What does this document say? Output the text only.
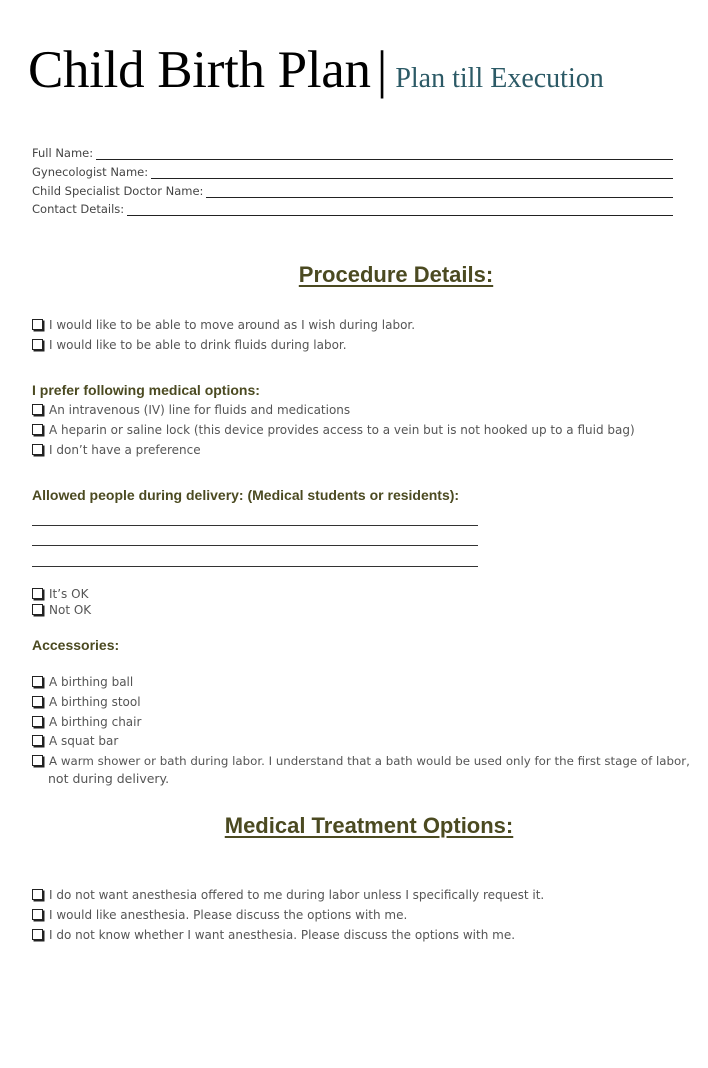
Child Birth Plan | Plan till Execution
Full Name:
Gynecologist Name:
Child Specialist Doctor Name:
Contact Details:
Procedure Details:
I would like to be able to move around as I wish during labor.
I would like to be able to drink fluids during labor.
I prefer following medical options:
An intravenous (IV) line for fluids and medications
A heparin or saline lock (this device provides access to a vein but is not hooked up to a fluid bag)
I don’t have a preference
Allowed people during delivery: (Medical students or residents):
It’s OK
Not OK
Accessories:
A birthing ball
A birthing stool
A birthing chair
A squat bar
A warm shower or bath during labor. I understand that a bath would be used only for the first stage of labor,
not during delivery.
Medical Treatment Options:
I do not want anesthesia offered to me during labor unless I specifically request it.
I would like anesthesia. Please discuss the options with me.
I do not know whether I want anesthesia. Please discuss the options with me.
